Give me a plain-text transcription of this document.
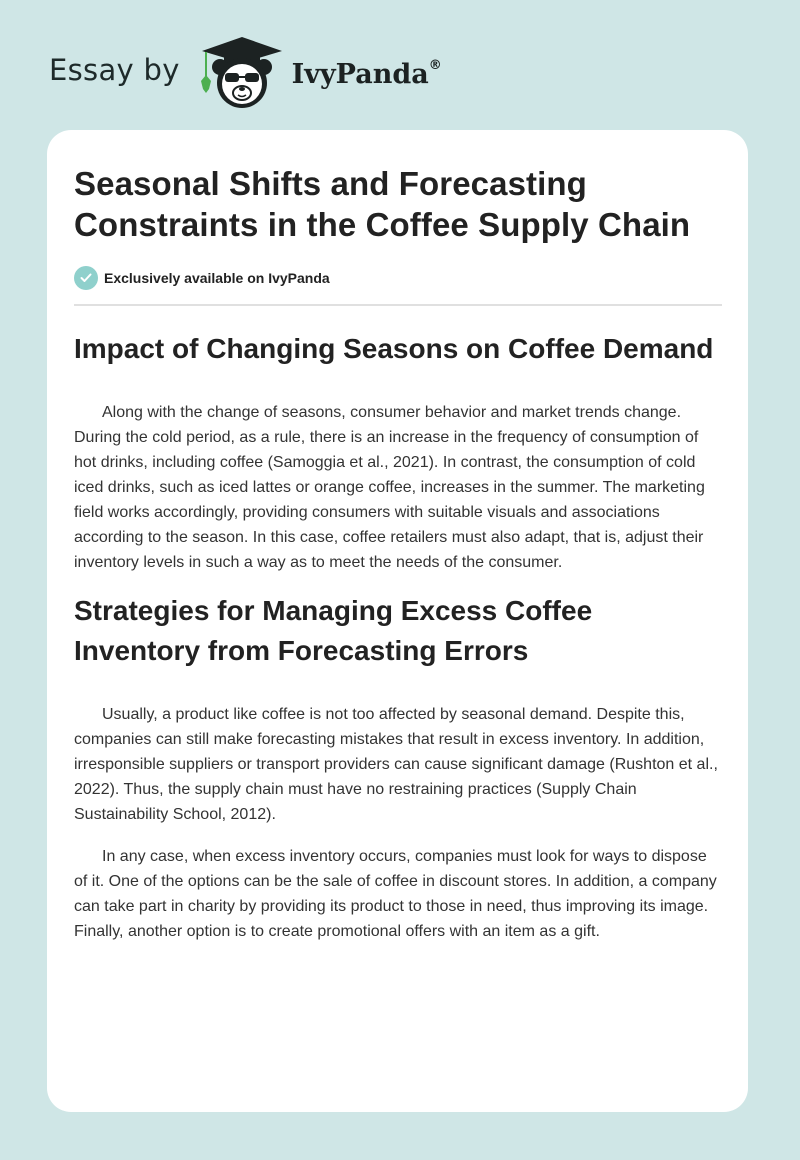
Essay by	IvyPanda®
Seasonal Shifts and Forecasting Constraints in the Coffee Supply Chain
Exclusively available on IvyPanda
Impact of Changing Seasons on Coffee Demand

Along with the change of seasons, consumer behavior and market trends change. During the cold period, as a rule, there is an increase in the frequency of consumption of hot drinks, including coffee (Samoggia et al., 2021). In contrast, the consumption of cold iced drinks, such as iced lattes or orange coffee, increases in the summer. The marketing field works accordingly, providing consumers with suitable visuals and associations according to the season. In this case, coffee retailers must also adapt, that is, adjust their inventory levels in such a way as to meet the needs of the consumer.

Strategies for Managing Excess Coffee Inventory from Forecasting Errors

Usually, a product like coffee is not too affected by seasonal demand. Despite this, companies can still make forecasting mistakes that result in excess inventory. In addition, irresponsible suppliers or transport providers can cause significant damage (Rushton et al., 2022). Thus, the supply chain must have no restraining practices (Supply Chain Sustainability School, 2012).

In any case, when excess inventory occurs, companies must look for ways to dispose of it. One of the options can be the sale of coffee in discount stores. In addition, a company can take part in charity by providing its product to those in need, thus improving its image. Finally, another option is to create promotional offers with an item as a gift.
